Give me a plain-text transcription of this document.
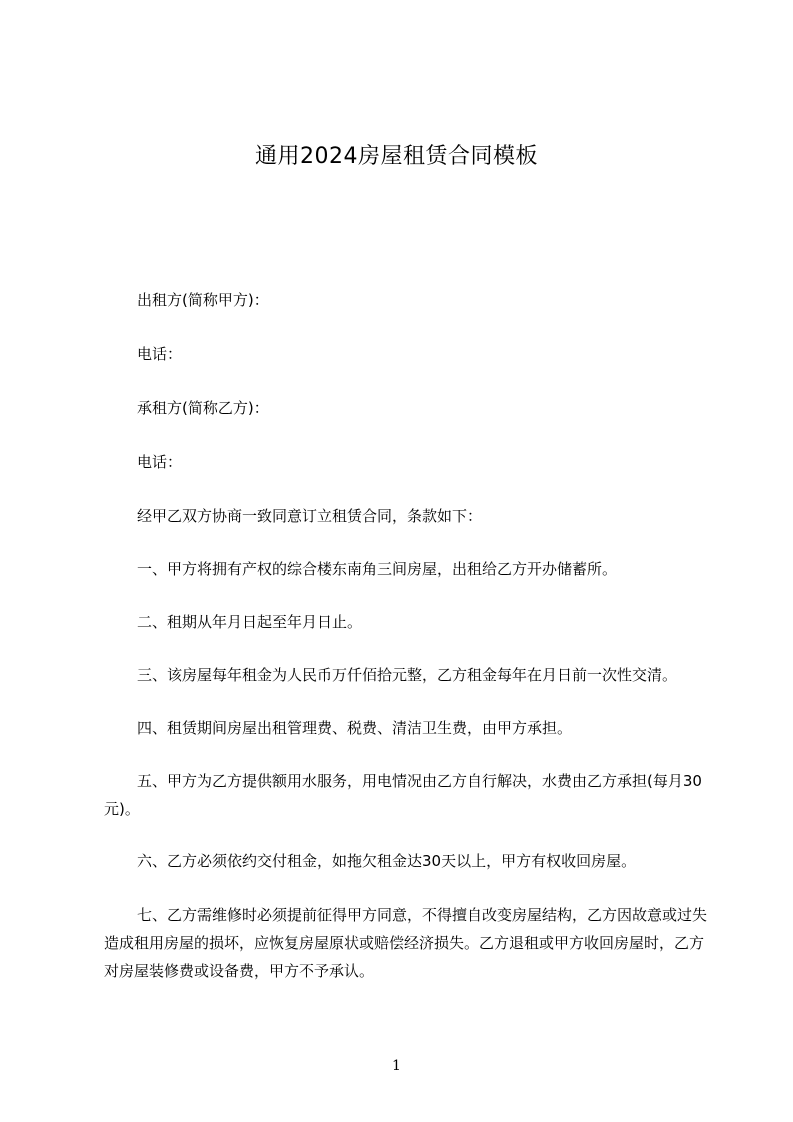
通用2024房屋租赁合同模板
出租方(简称甲方)：
电话：
承租方(简称乙方)：
电话：
经甲乙双方协商一致同意订立租赁合同，条款如下：
一、甲方将拥有产权的综合楼东南角三间房屋，出租给乙方开办储蓄所。
二、租期从年月日起至年月日止。
三、该房屋每年租金为人民币万仟佰拾元整，乙方租金每年在月日前一次性交清。
四、租赁期间房屋出租管理费、税费、清洁卫生费，由甲方承担。
五、甲方为乙方提供额用水服务，用电情况由乙方自行解决，水费由乙方承担(每月30元)。
六、乙方必须依约交付租金，如拖欠租金达30天以上，甲方有权收回房屋。
七、乙方需维修时必须提前征得甲方同意，不得擅自改变房屋结构，乙方因故意或过失造成租用房屋的损坏，应恢复房屋原状或赔偿经济损失。乙方退租或甲方收回房屋时，乙方对房屋装修费或设备费，甲方不予承认。
1
